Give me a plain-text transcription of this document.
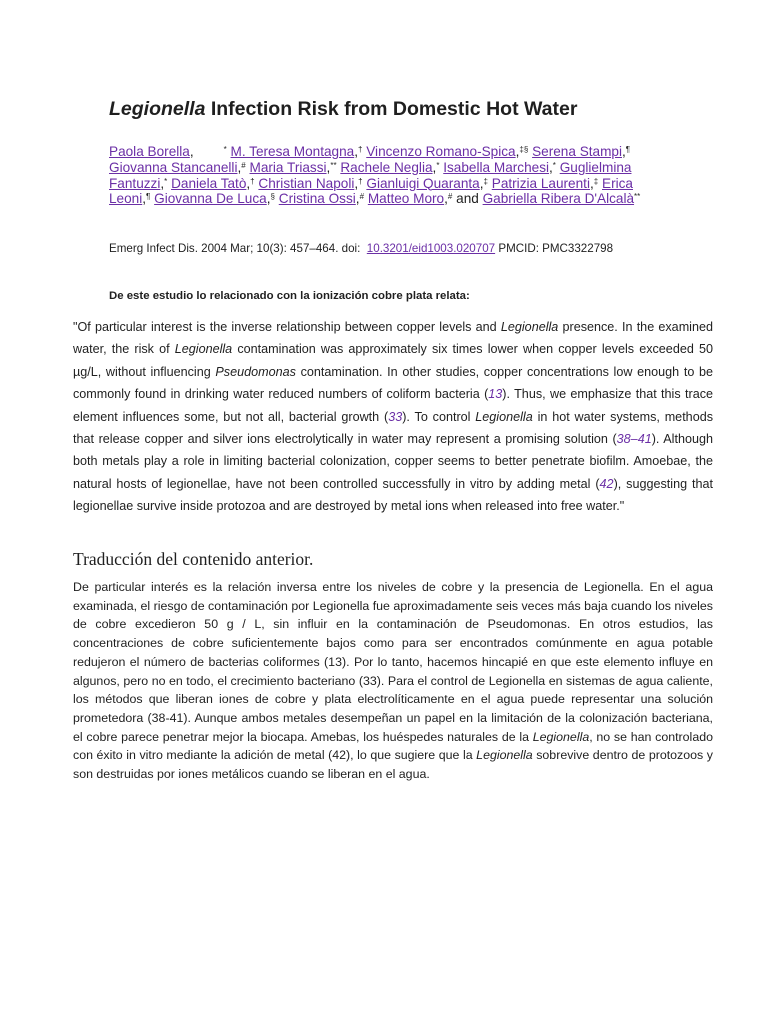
Legionella Infection Risk from Domestic Hot Water
Paola Borella,	* M. Teresa Montagna,† Vincenzo Romano-Spica,‡§ Serena Stampi,¶ Giovanna Stancanelli,# Maria Triassi,** Rachele Neglia,* Isabella Marchesi,* Guglielmina Fantuzzi,* Daniela Tatò,† Christian Napoli,† Gianluigi Quaranta,‡ Patrizia Laurenti,‡ Erica Leoni,¶ Giovanna De Luca,§ Cristina Ossi,# Matteo Moro,# and Gabriella Ribera D'Alcalà**
Emerg Infect Dis. 2004 Mar; 10(3): 457–464. doi: 10.3201/eid1003.020707 PMCID: PMC3322798
De este estudio lo relacionado con la ionización cobre plata relata:
"Of particular interest is the inverse relationship between copper levels and Legionella presence. In the examined water, the risk of Legionella contamination was approximately six times lower when copper levels exceeded 50 µg/L, without influencing Pseudomonas contamination. In other studies, copper concentrations low enough to be commonly found in drinking water reduced numbers of coliform bacteria (13). Thus, we emphasize that this trace element influences some, but not all, bacterial growth (33). To control Legionella in hot water systems, methods that release copper and silver ions electrolytically in water may represent a promising solution (38–41). Although both metals play a role in limiting bacterial colonization, copper seems to better penetrate biofilm. Amoebae, the natural hosts of legionellae, have not been controlled successfully in vitro by adding metal (42), suggesting that legionellae survive inside protozoa and are destroyed by metal ions when released into free water."
Traducción del contenido anterior.
De particular interés es la relación inversa entre los niveles de cobre y la presencia de Legionella. En el agua examinada, el riesgo de contaminación por Legionella fue aproximadamente seis veces más baja cuando los niveles de cobre excedieron 50 g / L, sin influir en la contaminación de Pseudomonas. En otros estudios, las concentraciones de cobre suficientemente bajos como para ser encontrados comúnmente en agua potable redujeron el número de bacterias coliformes (13). Por lo tanto, hacemos hincapié en que este elemento influye en algunos, pero no en todo, el crecimiento bacteriano (33). Para el control de Legionella en sistemas de agua caliente, los métodos que liberan iones de cobre y plata electrolíticamente en el agua puede representar una solución prometedora (38-41). Aunque ambos metales desempeñan un papel en la limitación de la colonización bacteriana, el cobre parece penetrar mejor la biocapa. Amebas, los huéspedes naturales de la Legionella, no se han controlado con éxito in vitro mediante la adición de metal (42), lo que sugiere que la Legionella sobrevive dentro de protozoos y son destruidas por iones metálicos cuando se liberan en el agua.
